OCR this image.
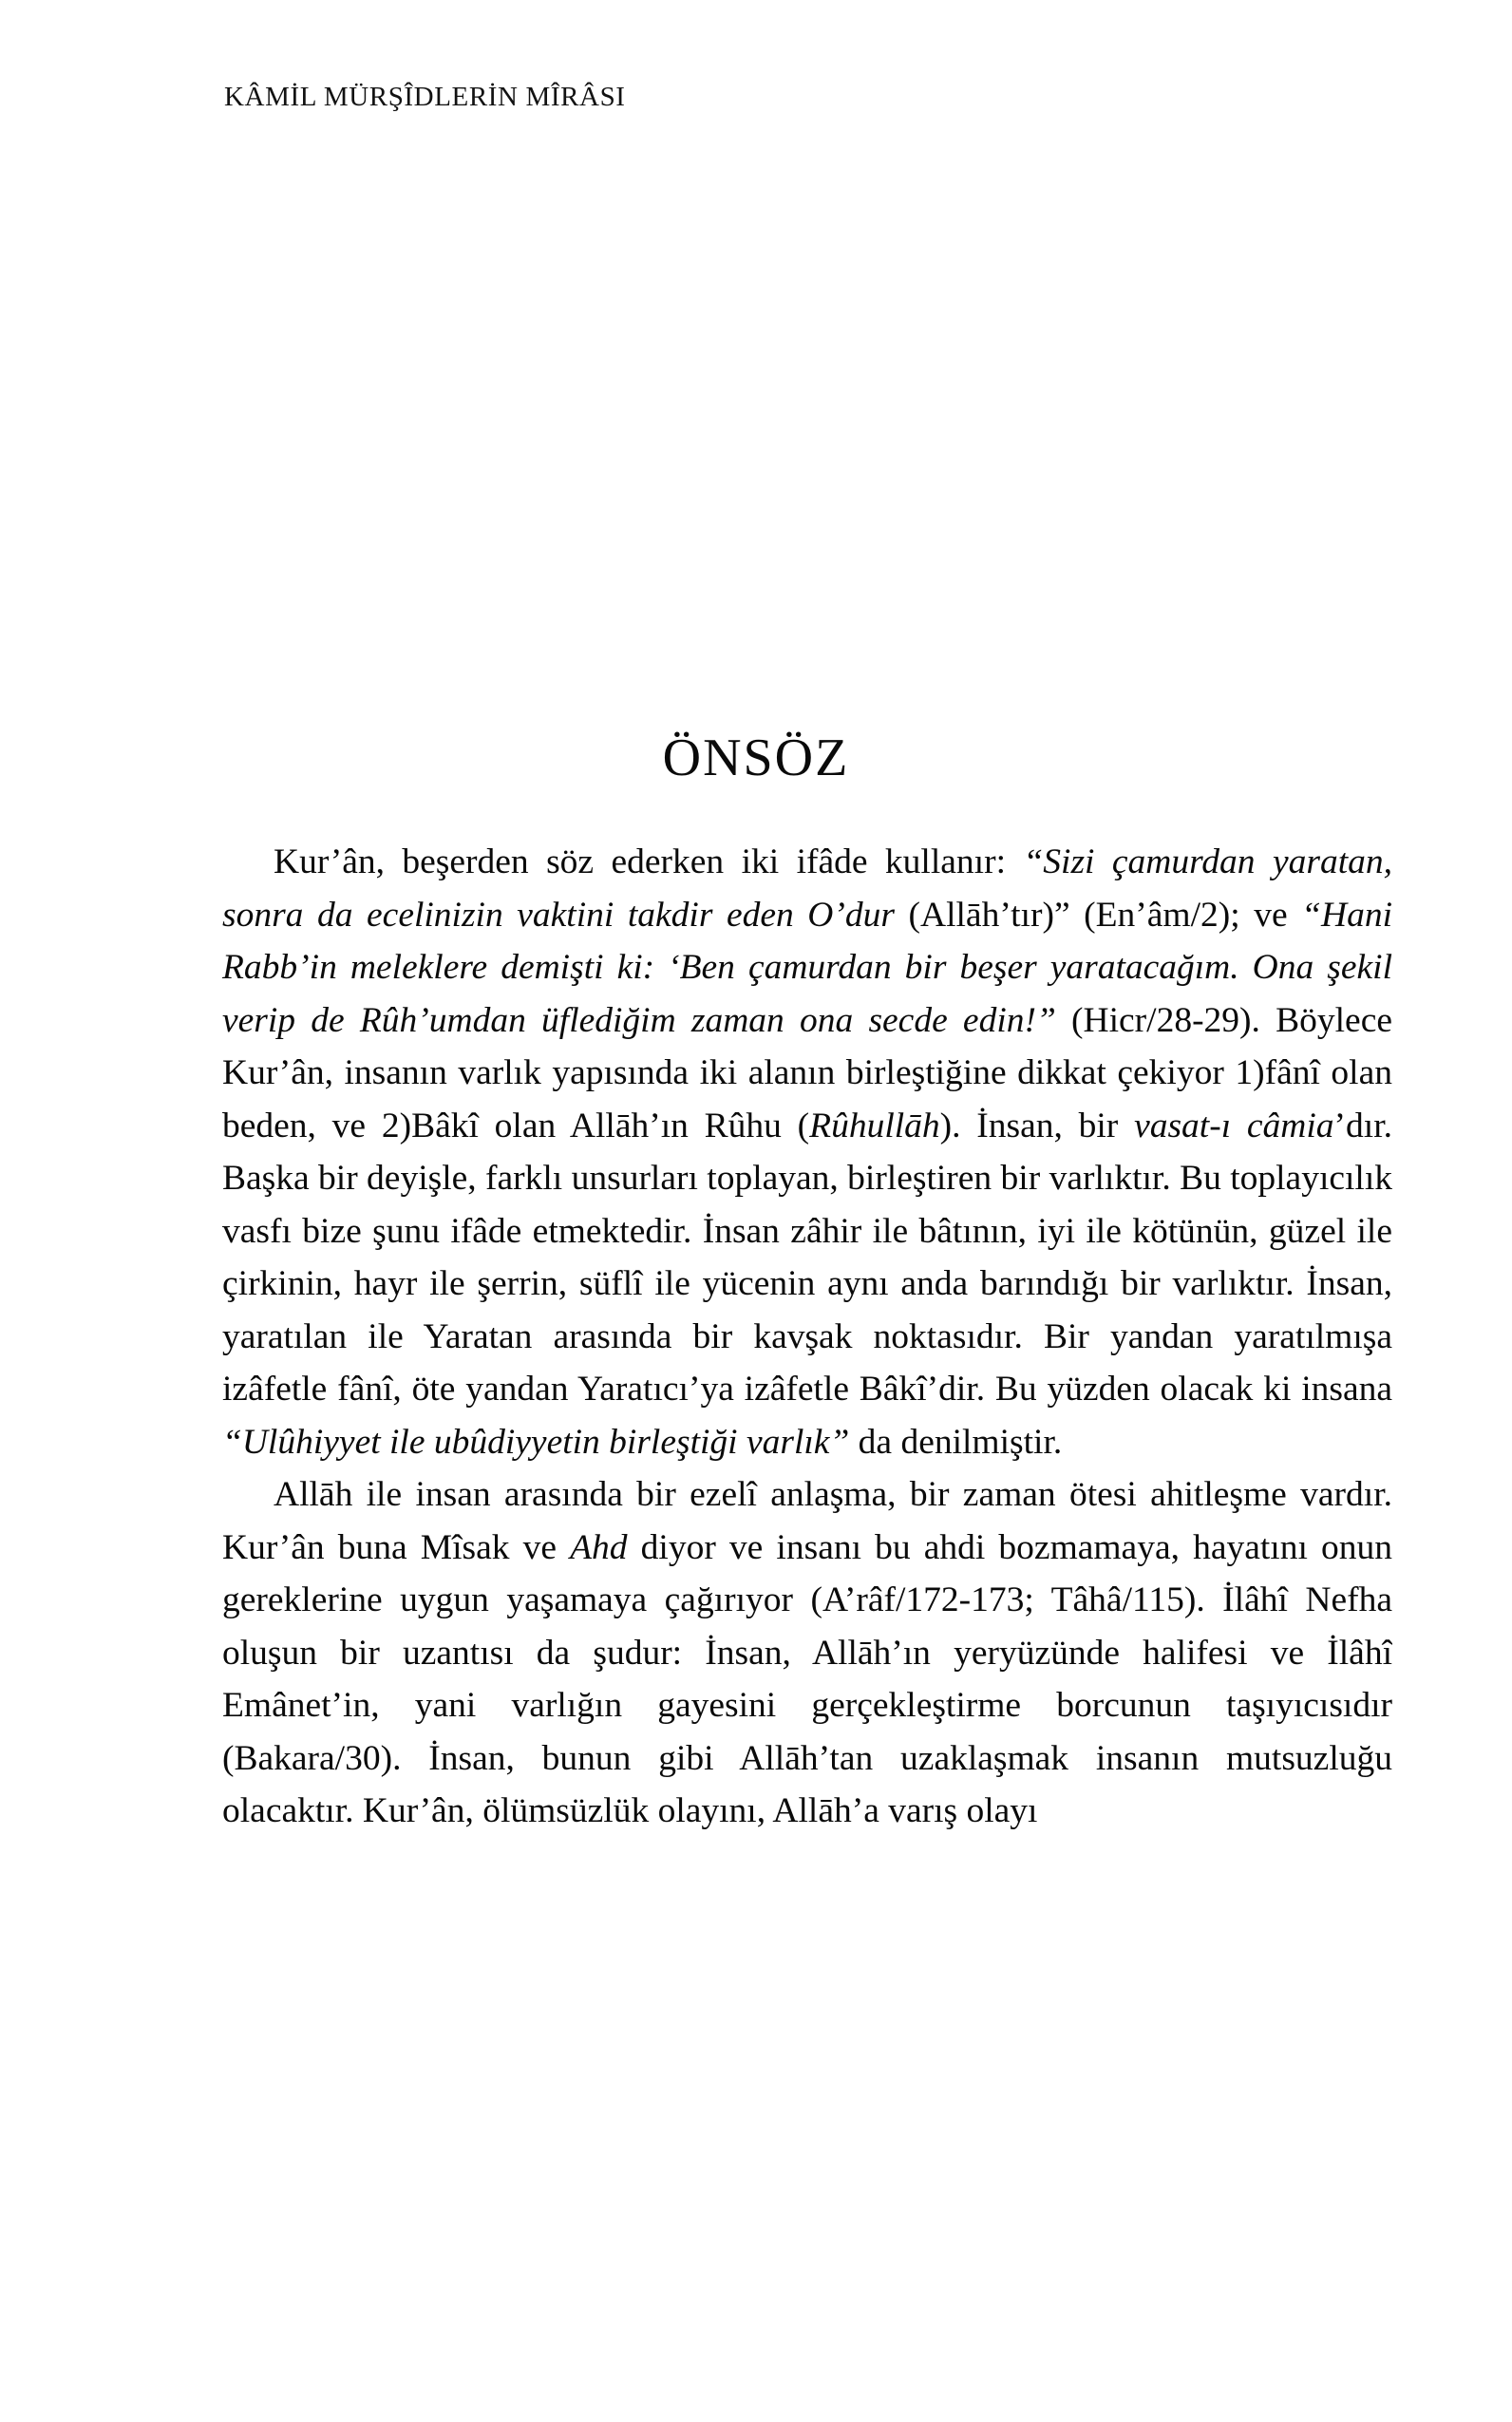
KÂMİL MÜRŞÎDLERİN MÎRÂSI
ÖNSÖZ

Kur’ân, beşerden söz ederken iki ifâde kullanır: “Sizi çamurdan yaratan, sonra da ecelinizin vaktini takdir eden O’dur (Allāh’tır)” (En’âm/2); ve “Hani Rabb’in meleklere demişti ki: ‘Ben çamurdan bir beşer yaratacağım. Ona şekil verip de Rûh’umdan üflediğim zaman ona secde edin!” (Hicr/28-29). Böylece Kur’ân, insanın varlık yapısında iki alanın birleştiğine dikkat çekiyor 1)fânî olan beden, ve 2)Bâkî olan Allāh’ın Rûhu (Rûhullāh). İnsan, bir vasat-ı câmia’dır. Başka bir deyişle, farklı unsurları toplayan, birleştiren bir varlıktır. Bu toplayıcılık vasfı bize şunu ifâde etmektedir. İnsan zâhir ile bâtının, iyi ile kötünün, güzel ile çirkinin, hayr ile şerrin, süflî ile yücenin aynı anda barındığı bir varlıktır. İnsan, yaratılan ile Yaratan arasında bir kavşak noktasıdır. Bir yandan yaratılmışa izâfetle fânî, öte yandan Yaratıcı’ya izâfetle Bâkî’dir. Bu yüzden olacak ki insana “Ulûhiyyet ile ubûdiyyetin birleştiği varlık” da denilmiştir.

Allāh ile insan arasında bir ezelî anlaşma, bir zaman ötesi ahitleşme vardır. Kur’ân buna Mîsak ve Ahd diyor ve insanı bu ahdi bozmamaya, hayatını onun gereklerine uygun yaşamaya çağırıyor (A’râf/172-173; Tâhâ/115). İlâhî Nefha oluşun bir uzantısı da şudur: İnsan, Allāh’ın yeryüzünde halifesi ve İlâhî Emânet’in, yani varlığın gayesini gerçekleştirme borcunun taşıyıcısıdır (Bakara/30). İnsan, bunun gibi Allāh’tan uzaklaşmak insanın mutsuzluğu olacaktır. Kur’ân, ölümsüzlük olayını, Allāh’a varış olayı
